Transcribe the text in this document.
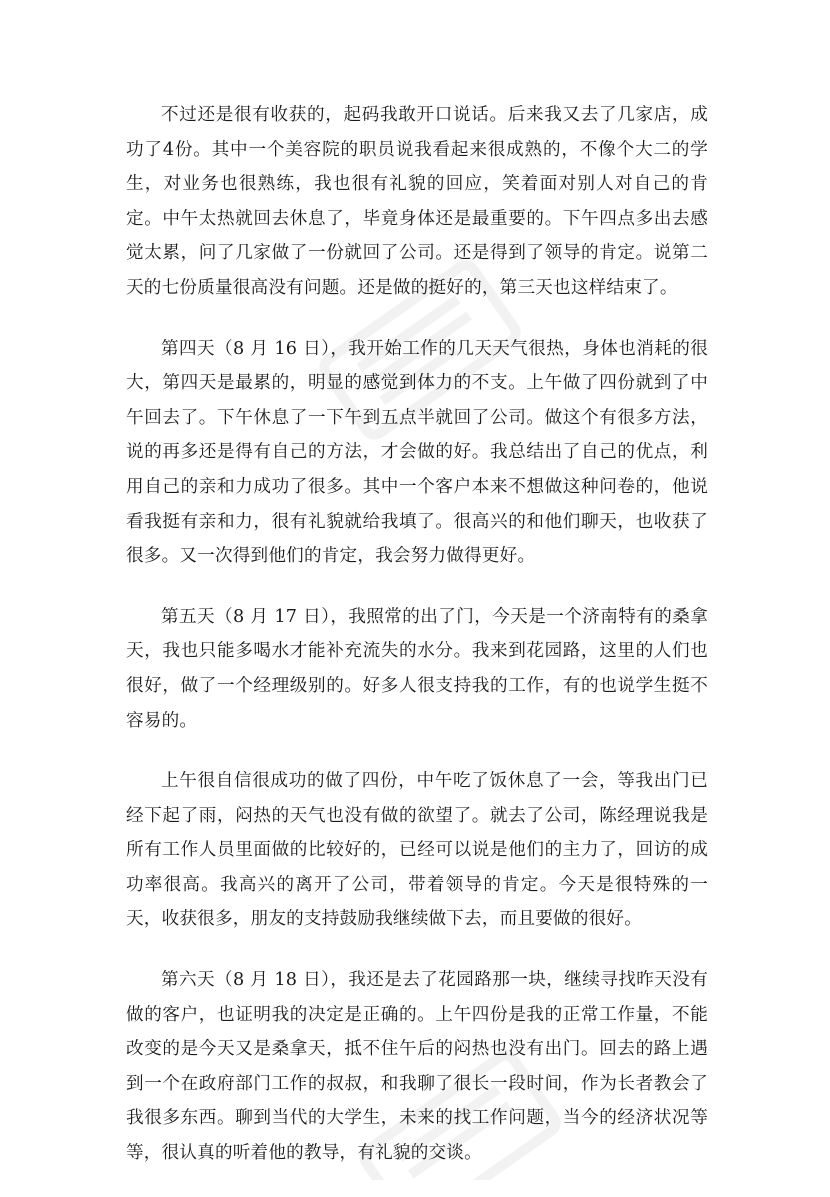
不过还是很有收获的，起码我敢开口说话。后来我又去了几家店，成功了4份。其中一个美容院的职员说我看起来很成熟的，不像个大二的学生，对业务也很熟练，我也很有礼貌的回应，笑着面对别人对自己的肯定。中午太热就回去休息了，毕竟身体还是最重要的。下午四点多出去感觉太累，问了几家做了一份就回了公司。还是得到了领导的肯定。说第二天的七份质量很高没有问题。还是做的挺好的，第三天也这样结束了。

第四天（8 月 16 日），我开始工作的几天天气很热，身体也消耗的很大，第四天是最累的，明显的感觉到体力的不支。上午做了四份就到了中午回去了。下午休息了一下午到五点半就回了公司。做这个有很多方法，说的再多还是得有自己的方法，才会做的好。我总结出了自己的优点，利用自己的亲和力成功了很多。其中一个客户本来不想做这种问卷的，他说看我挺有亲和力，很有礼貌就给我填了。很高兴的和他们聊天，也收获了很多。又一次得到他们的肯定，我会努力做得更好。

第五天（8 月 17 日），我照常的出了门，今天是一个济南特有的桑拿天，我也只能多喝水才能补充流失的水分。我来到花园路，这里的人们也很好，做了一个经理级别的。好多人很支持我的工作，有的也说学生挺不容易的。

上午很自信很成功的做了四份，中午吃了饭休息了一会，等我出门已经下起了雨，闷热的天气也没有做的欲望了。就去了公司，陈经理说我是所有工作人员里面做的比较好的，已经可以说是他们的主力了，回访的成功率很高。我高兴的离开了公司，带着领导的肯定。今天是很特殊的一天，收获很多，朋友的支持鼓励我继续做下去，而且要做的很好。

第六天（8 月 18 日），我还是去了花园路那一块，继续寻找昨天没有做的客户，也证明我的决定是正确的。上午四份是我的正常工作量，不能改变的是今天又是桑拿天，抵不住午后的闷热也没有出门。回去的路上遇到一个在政府部门工作的叔叔，和我聊了很长一段时间，作为长者教会了我很多东西。聊到当代的大学生，未来的找工作问题，当今的经济状况等等，很认真的听着他的教导，有礼貌的交谈。
